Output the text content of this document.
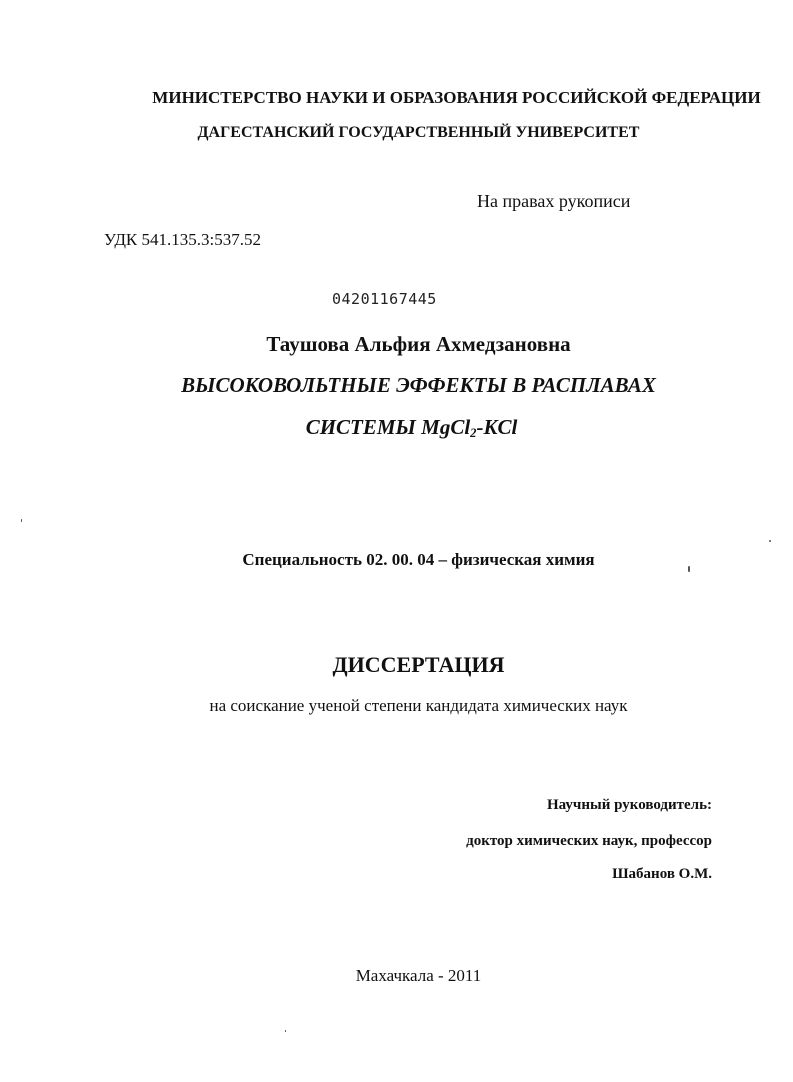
МИНИСТЕРСТВО НАУКИ И ОБРАЗОВАНИЯ РОССИЙСКОЙ ФЕДЕРАЦИИ
ДАГЕСТАНСКИЙ ГОСУДАРСТВЕННЫЙ УНИВЕРСИТЕТ
На правах рукописи
УДК 541.135.3:537.52
04201167445
Таушова Альфия Ахмедзановна
ВЫСОКОВОЛЬТНЫЕ ЭФФЕКТЫ В РАСПЛАВАХ
СИСТЕМЫ MgCl$_2$-KCl
Специальность 02. 00. 04 – физическая химия
ДИССЕРТАЦИЯ
на соискание ученой степени кандидата химических наук
Научный руководитель:
доктор химических наук, профессор
Шабанов О.М.
Махачкала - 2011
